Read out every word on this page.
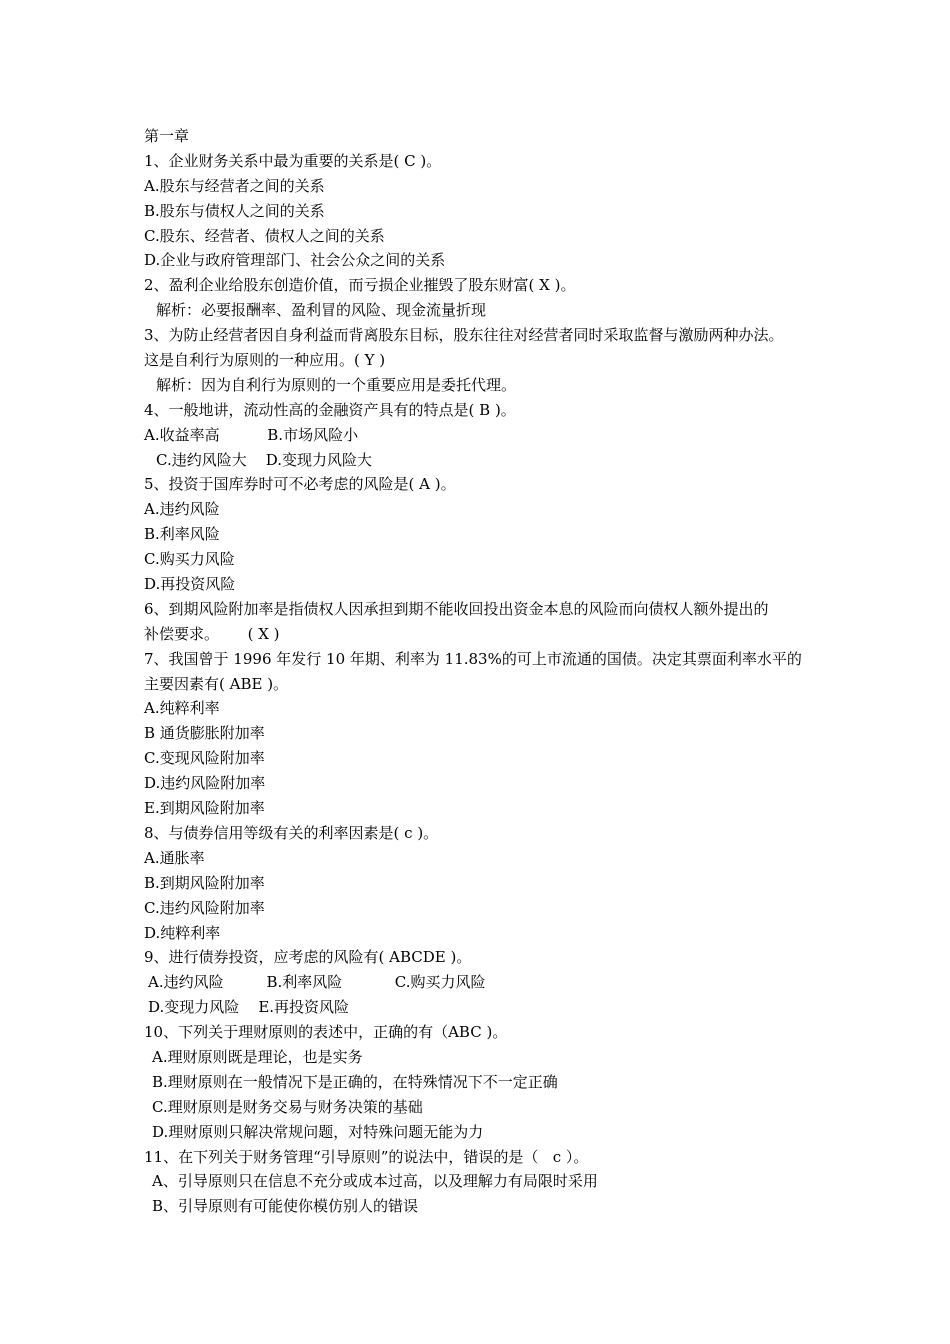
第一章
1、企业财务关系中最为重要的关系是( C )。
A.股东与经营者之间的关系
B.股东与债权人之间的关系
C.股东、经营者、债权人之间的关系
D.企业与政府管理部门、社会公众之间的关系
2、盈利企业给股东创造价值，而亏损企业摧毁了股东财富( X )。
解析：必要报酬率、盈利冒的风险、现金流量折现
3、为防止经营者因自身利益而背离股东目标，股东往往对经营者同时采取监督与激励两种办法。
这是自利行为原则的一种应用。( Y )
解析：因为自利行为原则的一个重要应用是委托代理。
4、一般地讲，流动性高的金融资产具有的特点是( B )。
A.收益率高          B.市场风险小
C.违约风险大    D.变现力风险大
5、投资于国库券时可不必考虑的风险是( A )。
A.违约风险
B.利率风险
C.购买力风险
D.再投资风险
6、到期风险附加率是指债权人因承担到期不能收回投出资金本息的风险而向债权人额外提出的
补偿要求。      ( X )
7、我国曾于 1996 年发行 10 年期、利率为 11.83%的可上市流通的国债。决定其票面利率水平的
主要因素有( ABE )。
A.纯粹利率
B 通货膨胀附加率
C.变现风险附加率
D.违约风险附加率
E.到期风险附加率
8、与债券信用等级有关的利率因素是( c )。
A.通胀率
B.到期风险附加率
C.违约风险附加率
D.纯粹利率
9、进行债券投资，应考虑的风险有( ABCDE )。
A.违约风险         B.利率风险           C.购买力风险
D.变现力风险    E.再投资风险
10、下列关于理财原则的表述中，正确的有（ABC )。
A.理财原则既是理论，也是实务
B.理财原则在一般情况下是正确的，在特殊情况下不一定正确
C.理财原则是财务交易与财务决策的基础
D.理财原则只解决常规问题，对特殊问题无能为力
11、在下列关于财务管理“引导原则”的说法中，错误的是（   c ）。
A、引导原则只在信息不充分或成本过高，以及理解力有局限时采用
B、引导原则有可能使你模仿别人的错误
